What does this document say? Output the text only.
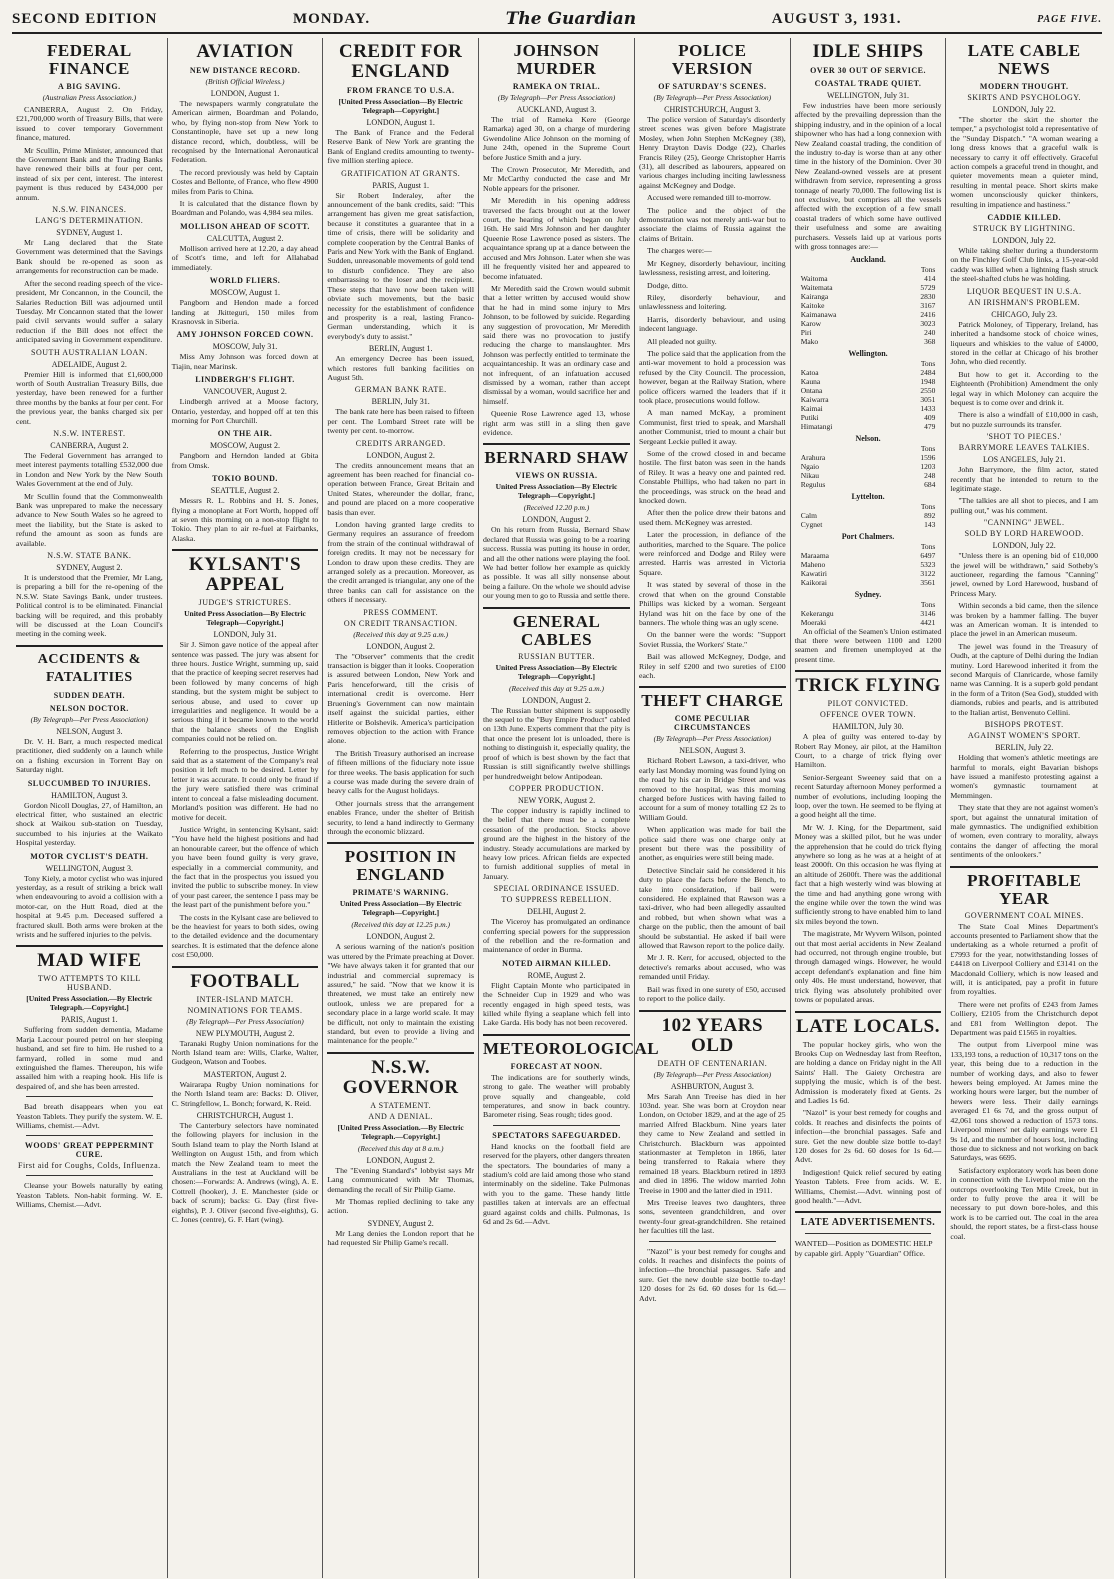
SECOND EDITION	MONDAY.	The Guardian	AUGUST 3, 1931.	PAGE FIVE.
FEDERAL FINANCE
A BIG SAVING.
(Australian Press Association.)

CANBERRA, August 2. On Friday, £21,700,000 worth of Treasury Bills, that were issued to cover temporary Government finance, matured.

Mr Scullin, Prime Minister, announced that the Government Bank and the Trading Banks have renewed their bills at four per cent, instead of six per cent, interest. The interest payment is thus reduced by £434,000 per annum.

N.S.W. FINANCES.
LANG'S DETERMINATION.
SYDNEY, August 1.

Mr Lang declared that the State Government was determined that the Savings Bank should be re-opened as soon as arrangements for reconstruction can be made.

After the second reading speech of the vice-president, Mr Concannon, in the Council, the Salaries Reduction Bill was adjourned until Tuesday. Mr Concannon stated that the lower paid civil servants would suffer a salary reduction if the Bill does not effect the anticipated saving in Government expenditure.

SOUTH AUSTRALIAN LOAN.
ADELAIDE, August 2.

Premier Hill is informed that £1,600,000 worth of South Australian Treasury Bills, due yesterday, have been renewed for a further three months by the banks at four per cent. For the previous year, the banks charged six per cent.

N.S.W. INTEREST.
CANBERRA, August 2.

The Federal Government has arranged to meet interest payments totalling £532,000 due in London and New York by the New South Wales Government at the end of July.

Mr Scullin found that the Commonwealth Bank was unprepared to make the necessary advance to New South Wales so he agreed to meet the liability, but the State is asked to refund the amount as soon as funds are available.

N.S.W. STATE BANK.
SYDNEY, August 2.

It is understood that the Premier, Mr Lang, is preparing a bill for the re-opening of the N.S.W. State Savings Bank, under trustees. Political control is to be eliminated. Financial backing will be required, and this probably will be discussed at the Loan Council's meeting in the coming week.

ACCIDENTS & FATALITIES
SUDDEN DEATH.
NELSON DOCTOR.
(By Telegraph—Per Press Association)
NELSON, August 3.

Dr. V. H. Barr, a much respected medical practitioner, died suddenly on a launch while on a fishing excursion in Torrent Bay on Saturday night.

SLUCCUMBED TO INJURIES.
HAMILTON, August 3.

Gordon Nicoll Douglas, 27, of Hamilton, an electrical fitter, who sustained an electric shock at Waikou sub-station on Tuesday, succumbed to his injuries at the Waikato Hospital yesterday.

MOTOR CYCLIST'S DEATH.
WELLINGTON, August 3.

Tony Kiely, a motor cyclist who was injured yesterday, as a result of striking a brick wall when endeavouring to avoid a collision with a motor-car, on the Hutt Road, died at the hospital at 9.45 p.m. Deceased suffered a fractured skull. Both arms were broken at the wrists and he suffered injuries to the pelvis.

MAD WIFE
TWO ATTEMPTS TO KILL HUSBAND.
[United Press Association.—By Electric Telegraph.—Copyright.]
PARIS, August 1.

Suffering from sudden dementia, Madame Marja Laccour poured petrol on her sleeping husband, and set fire to him. He rushed to a farmyard, rolled in some mud and extinguished the flames. Thereupon, his wife assailed him with a reaping hook. His life is despaired of, and she has been arrested.

Bad breath disappears when you eat Yeaston Tablets. They purify the system. W. E. Williams, chemist.—Advt.

WOODS' GREAT PEPPERMINT CURE.
First aid for Coughs, Colds, Influenza.

Cleanse your Bowels naturally by eating Yeaston Tablets. Non-habit forming. W. E. Williams, Chemist.—Advt.

AVIATION
NEW DISTANCE RECORD.
(British Official Wireless.)
LONDON, August 1.

The newspapers warmly congratulate the American airmen, Boardman and Polando, who, by flying non-stop from New York to Constantinople, have set up a new long distance record, which, doubtless, will be recognised by the International Aeronautical Federation.

The record previously was held by Captain Costes and Bellonte, of France, who flew 4900 miles from Paris to China.

It is calculated that the distance flown by Boardman and Polando, was 4,984 sea miles.

MOLLISON AHEAD OF SCOTT.
CALCUTTA, August 2.

Mollison arrived here at 12.20, a day ahead of Scott's time, and left for Allahabad immediately.

WORLD FLIERS.
MOSCOW, August 1.

Pangborn and Hendon made a forced landing at Jkitteguri, 150 miles from Krasnovsk in Siberia.

AMY JOHNSON FORCED COWN.
MOSCOW, July 31.

Miss Amy Johnson was forced down at Tiajin, near Marinsk.

LINDBERGH'S FLIGHT.
VANCOUVER, August 2.

Lindbergh arrived at a Moose factory, Ontario, yesterday, and hopped off at ten this morning for Port Churchill.

ON THE AIR.
MOSCOW, August 2.

Pangborn and Herndon landed at Gbita from Omsk.

TOKIO BOUND.
SEATTLE, August 2.

Messrs R. L. Robbins and H. S. Jones, flying a monoplane at Fort Worth, hopped off at seven this morning on a non-stop flight to Tokio. They plan to air re-fuel at Fairbanks, Alaska.

KYLSANT'S APPEAL
JUDGE'S STRICTURES.
United Press Association—By Electric Telegraph—Copyright.]
LONDON, July 31.

Sir J. Simon gave notice of the appeal after sentence was passed. The jury was absent for three hours. Justice Wright, summing up, said that the practice of keeping secret reserves had been followed by many concerns of high standing, but the system might be subject to serious abuse, and used to cover up irregularities and negligence. It would be a serious thing if it became known to the world that the balance sheets of the English companies could not be relied on.

Referring to the prospectus, Justice Wright said that as a statement of the Company's real position it left much to be desired. Letter by letter it was accurate. It could only be fraud if the jury were satisfied there was criminal intent to conceal a false misleading document. Morland's position was different. He had no motive for deceit.

Justice Wright, in sentencing Kylsant, said: "You have held the highest positions and had an honourable career, but the offence of which you have been found guilty is very grave, especially in a commercial community, and the fact that in the prospectus you issued you invited the public to subscribe money. In view of your past career, the sentence I pass may be the least part of the punishment before you."

The costs in the Kylsant case are believed to be the heaviest for years to both sides, owing to the detailed evidence and the documentary searches. It is estimated that the defence alone cost £50,000.

FOOTBALL
INTER-ISLAND MATCH.
NOMINATIONS FOR TEAMS.
(By Telegraph—Per Press Association)
NEW PLYMOUTH, August 2.

Taranaki Rugby Union nominations for the North Island team are: Wills, Clarke, Walter, Gudgeon, Watson and Toobes.

MASTERTON, August 2.

Wairarapa Rugby Union nominations for the North Island team are: Backs: D. Oliver, C. Stringfellow, L. Bonch; forward, K. Reid.

CHRISTCHURCH, August 1.

The Canterbury selectors have nominated the following players for inclusion in the South Island team to play the North Island at Wellington on August 15th, and from which match the New Zealand team to meet the Australians in the test at Auckland will be chosen:—Forwards: A. Andrews (wing), A. E. Cottrell (hooker), J. E. Manchester (side or back of scrum); backs: G. Day (first five-eighths), P. J. Oliver (second five-eighths), G. C. Jones (centre), G. F. Hart (wing).

CREDIT FOR ENGLAND
FROM FRANCE TO U.S.A.
[United Press Association—By Electric Telegraph—Copyright.]
LONDON, August 1.

The Bank of France and the Federal Reserve Bank of New York are granting the Bank of England credits amounting to twenty-five million sterling apiece.

GRATIFICATION AT GRANTS.
PARIS, August 1.

Sir Robert Inderaley, after the announcement of the bank credits, said: "This arrangement has given me great satisfaction, because it constitutes a guarantee that in a time of crisis, there will be solidarity and complete cooperation by the Central Banks of Paris and New York with the Bank of England. Sudden, unreasonable movements of gold tend to disturb confidence. They are also embarrassing to the loser and the recipient. These steps that have now been taken will obviate such movements, but the basic necessity for the establishment of confidence and prosperity is a real, lasting Franco-German understanding, which it is everybody's duty to assist."

BERLIN, August 1.

An emergency Decree has been issued, which restores full banking facilities on August 5th.

GERMAN BANK RATE.
BERLIN, July 31.

The bank rate here has been raised to fifteen per cent. The Lombard Street rate will be twenty per cent. to-morrow.

CREDITS ARRANGED.
LONDON, August 2.

The credits announcement means that an agreement has been reached for financial co-operation between France, Great Britain and United States, whereunder the dollar, franc, and pound are placed on a more cooperative basis than ever.

London having granted large credits to Germany requires an assurance of freedom from the strain of the continual withdrawal of foreign credits. It may not be necessary for London to draw upon these credits. They are arranged solely as a precaution. Moreover, as the credit arranged is triangular, any one of the three banks can call for assistance on the others if necessary.

PRESS COMMENT.
ON CREDIT TRANSACTION.
(Received this day at 9.25 a.m.)
LONDON, August 2.

The "Observer" comments that the credit transaction is bigger than it looks. Cooperation is assured between London, New York and Paris henceforward, till the crisis of international credit is overcome. Herr Bruening's Government can now maintain itself against the suicidal parties, either Hitlerite or Bolshevik. America's participation removes objection to the action with France alone.

The British Treasury authorised an increase of fifteen millions of the fiduciary note issue for three weeks. The basis application for such a course was made during the severe drain of heavy calls for the August holidays.

Other journals stress that the arrangement enables France, under the shelter of British security, to lend a hand indirectly to Germany through the economic blizzard.

POSITION IN ENGLAND
PRIMATE'S WARNING.
United Press Association—By Electric Telegraph—Copyright.]
(Received this day at 12.25 p.m.)
LONDON, August 2.

A serious warning of the nation's position was uttered by the Primate preaching at Dover. "We have always taken it for granted that our industrial and commercial supremacy is assured," he said. "Now that we know it is threatened, we must take an entirely new outlook, unless we are prepared for a secondary place in a large world scale. It may be difficult, not only to maintain the existing standard, but even to provide a living and maintenance for the people."

N.S.W. GOVERNOR
A STATEMENT.
AND A DENIAL.
[United Press Association.—By Electric Telegraph.—Copyright.]
(Received this day at 8 a.m.)
LONDON, August 2.

The "Evening Standard's" lobbyist says Mr Lang communicated with Mr Thomas, demanding the recall of Sir Philip Game.

Mr Thomas replied declining to take any action.

SYDNEY, August 2.

Mr Lang denies the London report that he had requested Sir Philip Game's recall.

JOHNSON MURDER
RAMEKA ON TRIAL.
(By Telegraph—Per Press Association)
AUCKLAND, August 3.

The trial of Rameka Kere (George Ramarka) aged 30, on a charge of murdering Gwendoline Alice Johnson on the morning of June 24th, opened in the Supreme Court before Justice Smith and a jury.

The Crown Prosecutor, Mr Meredith, and Mr McCarthy conducted the case and Mr Noble appears for the prisoner.

Mr Meredith in his opening address traversed the facts brought out at the lower court, the hearing of which began on July 16th. He said Mrs Johnson and her daughter Queenie Rose Lawrence posed as sisters. The acquaintance sprang up at a dance between the accused and Mrs Johnson. Later when she was ill he frequently visited her and appeared to become infatuated.

Mr Meredith said the Crown would submit that a letter written by accused would show that he had in mind some injury to Mrs Johnson, to be followed by suicide. Regarding any suggestion of provocation, Mr Meredith said there was no provocation to justify reducing the charge to manslaughter. Mrs Johnson was perfectly entitled to terminate the acquaintanceship. It was an ordinary case and not infrequent, of an infatuation accused dismissed by a woman, rather than accept dismissal by a woman, would sacrifice her and himself.

Queenie Rose Lawrence aged 13, whose right arm was still in a sling then gave evidence.

BERNARD SHAW
VIEWS ON RUSSIA.
United Press Association—By Electric Telegraph—Copyright.]
(Received 12.20 p.m.)
LONDON, August 2.

On his return from Russia, Bernard Shaw declared that Russia was going to be a roaring success. Russia was putting its house in order, and all the other nations were playing the fool. We had better follow her example as quickly as possible. It was all silly nonsense about being a failure. On the whole we should advise our young men to go to Russia and settle there.

GENERAL CABLES
RUSSIAN BUTTER.
United Press Association—By Electric Telegraph—Copyright.]
(Received this day at 9.25 a.m.)
LONDON, August 2.

The Russian butter shipment is supposedly the sequel to the "Buy Empire Product" cabled on 13th June. Experts comment that the pity is that once the present lot is unloaded, there is nothing to distinguish it, especially quality, the proof of which is best shown by the fact that Russian is still significantly twelve shillings per hundredweight below Antipodean.

COPPER PRODUCTION.
NEW YORK, August 2.

The copper industry is rapidly inclined to the belief that there must be a complete cessation of the production. Stocks above ground are the highest in the history of the industry. Steady accumulations are marked by heavy low prices. African fields are expected to furnish additional supplies of metal in January.

SPECIAL ORDINANCE ISSUED.
TO SUPPRESS REBELLION.
DELHI, August 2.

The Viceroy has promulgated an ordinance conferring special powers for the suppression of the rebellion and the re-formation and maintenance of order in Burma.

NOTED AIRMAN KILLED.
ROME, August 2.

Flight Captain Monte who participated in the Schneider Cup in 1929 and who was recently engaged in high speed tests, was killed while flying a seaplane which fell into Lake Garda. His body has not been recovered.

METEOROLOGICAL
FORECAST AT NOON.

The indications are for southerly winds, strong to gale. The weather will probably prove squally and changeable, cold temperatures, and snow in back country. Barometer rising. Seas rough; tides good.

SPECTATORS SAFEGUARDED.

Hand knocks on the football field are reserved for the players, other dangers threaten the spectators. The boundaries of many a stadium's cold are laid among those who stand interminably on the sideline. Take Pulmonas with you to the game. These handy little pastilles taken at intervals are an effectual guard against colds and chills. Pulmonas, 1s 6d and 2s 6d.—Advt.

POLICE VERSION
OF SATURDAY'S SCENES.
(By Telegraph—Per Press Association)
CHRISTCHURCH, August 3.

The police version of Saturday's disorderly street scenes was given before Magistrate Mosley, when John Stephen McKegney (38), Henry Drayton Davis Dodge (22), Charles Francis Riley (25), George Christopher Harris (31), all described as labourers, appeared on various charges including inciting lawlessness against McKegney and Dodge.

Accused were remanded till to-morrow.

The police and the object of the demonstration was not merely anti-war but to associate the claims of Russia against the claims of Britain.

The charges were:—

Mr Kegney, disorderly behaviour, inciting lawlessness, resisting arrest, and loitering.

Dodge, ditto.

Riley, disorderly behaviour, and unlawlessness and loitering.

Harris, disorderly behaviour, and using indecent language.

All pleaded not guilty.

The police said that the application from the anti-war movement to hold a procession was refused by the City Council. The procession, however, began at the Railway Station, where police officers warned the leaders that if it took place, prosecutions would follow.

A man named McKay, a prominent Communist, first tried to speak, and Marshall another Communist, tried to mount a chair but Sergeant Leckie pulled it away.

Some of the crowd closed in and became hostile. The first baton was seen in the hands of Riley. It was a heavy one and painted red. Constable Phillips, who had taken no part in the proceedings, was struck on the head and knocked down.

After then the police drew their batons and used them. McKegney was arrested.

Later the procession, in defiance of the authorities, marched to the Square. The police were reinforced and Dodge and Riley were arrested. Harris was arrested in Victoria Square.

It was stated by several of those in the crowd that when on the ground Constable Phillips was kicked by a woman. Sergeant Hyland was hit on the face by one of the banners. The whole thing was an ugly scene.

On the banner were the words: "Support Soviet Russia, the Workers' State."

Bail was allowed McKegney, Dodge, and Riley in self £200 and two sureties of £100 each.

THEFT CHARGE
COME PECULIAR CIRCUMSTANCES
(By Telegraph—Per Press Association)
NELSON, August 3.

Richard Robert Lawson, a taxi-driver, who early last Monday morning was found lying on the road by his car in Bridge Street and was removed to the hospital, was this morning charged before Justices with having failed to account for a sum of money totalling £2 2s to William Gould.

When application was made for bail the police said there was one charge only at present but there was the possibility of another, as enquiries were still being made.

Detective Sinclair said he considered it his duty to place the facts before the Bench, to take into consideration, if bail were considered. He explained that Rawson was a taxi-driver, who had been allegedly assaulted and robbed, but when shown what was a charge on the public, then the amount of bail should be substantial. He asked if bail were allowed that Rawson report to the police daily.

Mr J. R. Kerr, for accused, objected to the detective's remarks about accused, who was remanded until Friday.

Bail was fixed in one surety of £50, accused to report to the police daily.

102 YEARS OLD
DEATH OF CENTENARIAN.
(By Telegraph—Per Press Association)
ASHBURTON, August 3.

Mrs Sarah Ann Treeise has died in her 103nd. year. She was born at Croydon near London, on October 1829, and at the age of 25 married Alfred Blackburn. Nine years later they came to New Zealand and settled in Christchurch. Blackburn was appointed stationmaster at Templeton in 1866, later being transferred to Rakaia where they remained 18 years. Blackburn retired in 1893 and died in 1896. The widow married John Treeise in 1900 and the latter died in 1911.

Mrs Treeise leaves two daughters, three sons, seventeen grandchildren, and over twenty-four great-grandchildren. She retained her faculties till the last.

"Nazol" is your best remedy for coughs and colds. It reaches and disinfects the points of infection—the bronchial passages. Safe and sure. Get the new double size bottle to-day! 120 doses for 2s 6d. 60 doses for 1s 6d.—Advt.

IDLE SHIPS
OVER 30 OUT OF SERVICE.
COASTAL TRADE QUIET.
WELLINGTON, July 31.

Few industries have been more seriously affected by the prevailing depression than the shipping industry, and in the opinion of a local shipowner who has had a long connexion with New Zealand coastal trading, the condition of the industry to-day is worse than at any other time in the history of the Dominion. Over 30 New Zealand-owned vessels are at present withdrawn from service, representing a gross tonnage of nearly 70,000. The following list is not exclusive, but comprises all the vessels affected with the exception of a few small coastal traders of which some have outlived their usefulness and some are awaiting purchasers. Vessels laid up at various ports with gross tonnages are:—

Auckland.
Tons
Waitoma	414
Waitemata	5729
Kairanga	2830
Kaitoke	3167
Kaimanawa	2416
Karow	3023
Piri	240
Mako	368
Wellington.
Tons
Katoa	2484
Kauna	1948
Ontana	2550
Kaiwarra	3051
Kaimai	1433
Putiki	409
Himatangi	479
Nelson.
Tons
Arahura	1596
Ngaio	1203
Nikau	248
Regulus	684
Lyttelton.
Tons
Calm	892
Cygnet	143
Port Chalmers.
Tons
Maraama	6497
Maheno	5323
Kawatiri	3122
Kaikorai	3561
Sydney.
Tons
Kekerangu	3146
Moeraki	4421

An official of the Seamen's Union estimated that there were between 1100 and 1200 seamen and firemen unemployed at the present time.

TRICK FLYING
PILOT CONVICTED.
OFFENCE OVER TOWN.
HAMILTON, July 30.

A plea of guilty was entered to-day by Robert Ray Money, air pilot, at the Hamilton Court, to a charge of trick flying over Hamilton.

Senior-Sergeant Sweeney said that on a recent Saturday afternoon Money performed a number of evolutions, including looping the loop, over the town. He seemed to be flying at a good height all the time.

Mr W. J. King, for the Department, said Money was a skilled pilot, but he was under the apprehension that he could do trick flying anywhere so long as he was at a height of at least 2000ft. On this occasion he was flying at an altitude of 2600ft. There was the additional fact that a high westerly wind was blowing at the time and had anything gone wrong with the engine while over the town the wind was sufficiently strong to have enabled him to land six miles beyond the town.

The magistrate, Mr Wyvern Wilson, pointed out that most aerial accidents in New Zealand had occurred, not through engine trouble, but through damaged wings. However, he would accept defendant's explanation and fine him only 40s. He must understand, however, that trick flying was absolutely prohibited over towns or populated areas.

LATE LOCALS.

The popular hockey girls, who won the Brooks Cup on Wednesday last from Reefton, are holding a dance on Friday night in the All Saints' Hall. The Gaiety Orchestra are supplying the music, which is of the best. Admission is moderately fixed at Gents. 2s and Ladies 1s 6d.

"Nazol" is your best remedy for coughs and colds. It reaches and disinfects the points of infection—the bronchial passages. Safe and sure. Get the new double size bottle to-day! 120 doses for 2s 6d. 60 doses for 1s 6d.—Advt.

Indigestion! Quick relief secured by eating Yeaston Tablets. Free from acids. W. E. Williams, Chemist.—Advt. winning post of good health."—Advt.

LATE ADVERTISEMENTS.

WANTED—Position as DOMESTIC HELP by capable girl. Apply "Guardian" Office.

LATE CABLE NEWS
MODERN THOUGHT.
SKIRTS AND PSYCHOLOGY.
LONDON, July 22.

"The shorter the skirt the shorter the temper," a psychologist told a representative of the "Sunday Dispatch." "A woman wearing a long dress knows that a graceful walk is necessary to carry it off effectively. Graceful action compels a graceful trend in thought, and quieter movements mean a quieter mind, resulting in mental peace. Short skirts make women unconsciously quicker thinkers, resulting in impatience and hastiness."

CADDIE KILLED.
STRUCK BY LIGHTNING.
LONDON, July 22.

While taking shelter during a thunderstorm on the Finchley Golf Club links, a 15-year-old caddy was killed when a lightning flash struck the steel-shafted clubs he was holding.

LIQUOR BEQUEST IN U.S.A.
AN IRISHMAN'S PROBLEM.
CHICAGO, July 23.

Patrick Moloney, of Tipperary, Ireland, has inherited a handsome stock of choice wines, liqueurs and whiskies to the value of £4000, stored in the cellar at Chicago of his brother John, who died recently.

But how to get it. According to the Eighteenth (Prohibition) Amendment the only legal way in which Moloney can acquire the bequest is to come over and drink it.

There is also a windfall of £10,000 in cash, but no puzzle surrounds its transfer.

'SHOT TO PIECES.'
BARRYMORE LEAVES TALKIES.
LOS ANGELES, July 21.

John Barrymore, the film actor, stated recently that he intended to return to the legitimate stage.

"The talkies are all shot to pieces, and I am pulling out," was his comment.

"CANNING" JEWEL.
SOLD BY LORD HAREWOOD.
LONDON, July 22.

"Unless there is an opening bid of £10,000 the jewel will be withdrawn," said Sotheby's auctioneer, regarding the famous "Canning" jewel, owned by Lord Harewood, husband of Princess Mary.

Within seconds a bid came, then the silence was broken by a hammer falling. The buyer was an American woman. It is intended to place the jewel in an American museum.

The jewel was found in the Treasury of Oudh, at the capture of Delhi during the Indian mutiny. Lord Harewood inherited it from the second Marquis of Clanricarde, whose family name was Canning. It is a superb gold pendant in the form of a Triton (Sea God), studded with diamonds, rubies and pearls, and is attributed to the Italian artist, Benvenuto Cellini.

BISHOPS PROTEST.
AGAINST WOMEN'S SPORT.
BERLIN, July 22.

Holding that women's athletic meetings are harmful to morals, eight Bavarian bishops have issued a manifesto protesting against a women's gymnastic tournament at Memmingen.

They state that they are not against women's sport, but against the unnatural imitation of male gymnastics. The undignified exhibition of women, even contrary to morality, always contains the danger of affecting the moral sentiments of the onlookers."

PROFITABLE YEAR
GOVERNMENT COAL MINES.

The State Coal Mines Department's accounts presented to Parliament show that the undertaking as a whole returned a profit of £7993 for the year, notwithstanding losses of £4418 on Liverpool Colliery and £3141 on the Macdonald Colliery, which is now leased and will, it is anticipated, pay a profit in future from royalties.

There were net profits of £243 from James Colliery, £2105 from the Christchurch depot and £81 from Wellington depot. The Department was paid £1565 in royalties.

The output from Liverpool mine was 133,193 tons, a reduction of 10,317 tons on the year, this being due to a reduction in the number of working days, and also to fewer hewers being employed. At James mine the working hours were larger, but the number of hewers were less. Their daily earnings averaged £1 6s 7d, and the gross output of 42,061 tons showed a reduction of 1573 tons. Liverpool miners' net daily earnings were £1 9s 1d, and the number of hours lost, including those due to sickness and not working on back Saturdays, was 6695.

Satisfactory exploratory work has been done in connection with the Liverpool mine on the outcrops overlooking Ten Mile Creek, but in order to fully prove the area it will be necessary to put down bore-holes, and this work is to be carried out. The coal in the area should, the report states, be a first-class house coal.
